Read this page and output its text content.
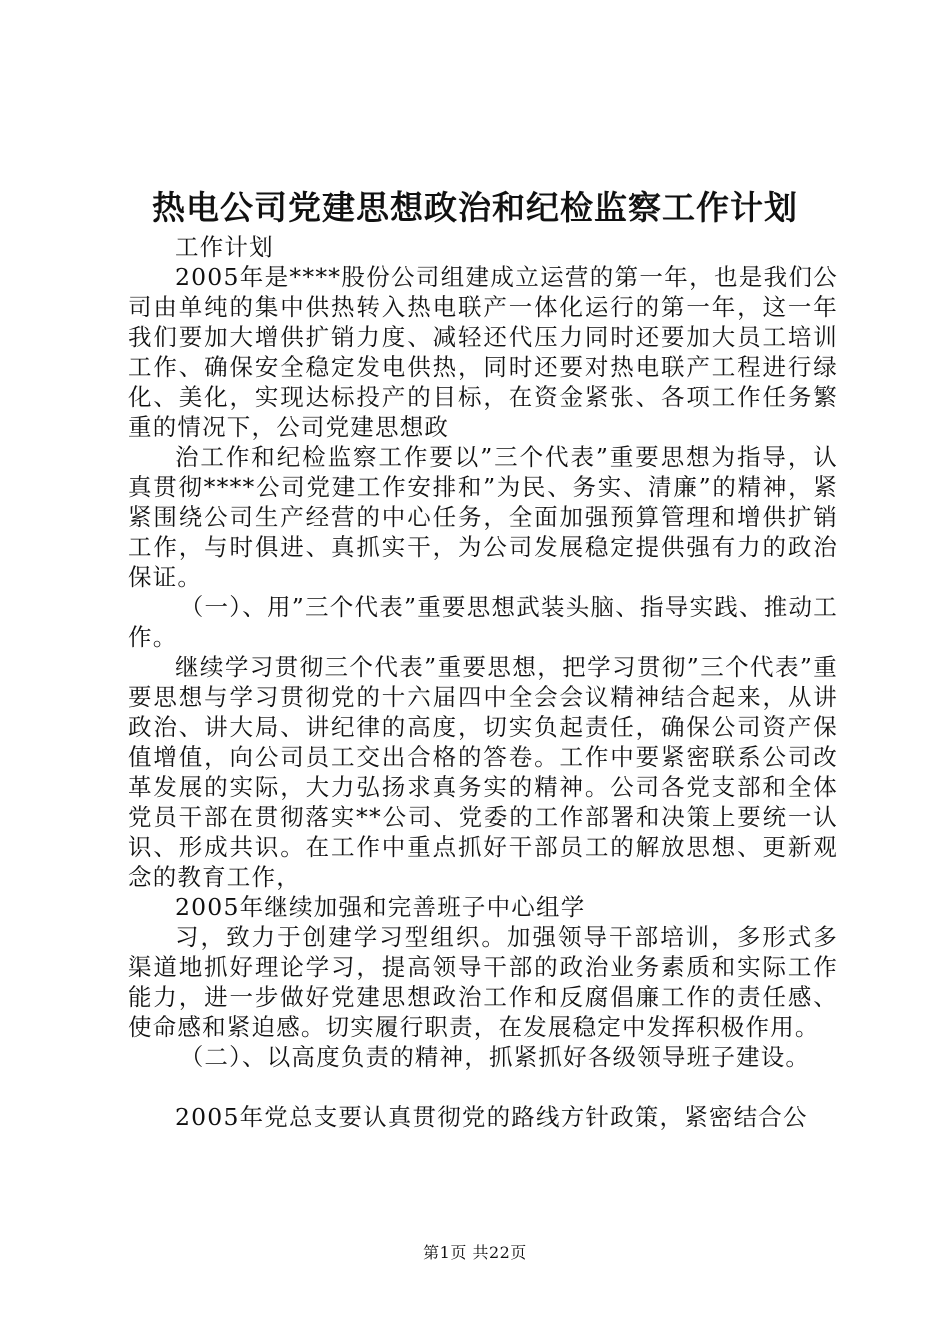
热电公司党建思想政治和纪检监察工作计划

工作计划

2005年是****股份公司组建成立运营的第一年，也是我们公司由单纯的集中供热转入热电联产一体化运行的第一年，这一年我们要加大增供扩销力度、减轻还代压力同时还要加大员工培训工作、确保安全稳定发电供热，同时还要对热电联产工程进行绿化、美化，实现达标投产的目标，在资金紧张、各项工作任务繁重的情况下，公司党建思想政

治工作和纪检监察工作要以”三个代表”重要思想为指导，认真贯彻****公司党建工作安排和”为民、务实、清廉”的精神，紧紧围绕公司生产经营的中心任务，全面加强预算管理和增供扩销工作，与时俱进、真抓实干，为公司发展稳定提供强有力的政治保证。

（一）、用”三个代表”重要思想武装头脑、指导实践、推动工作。

继续学习贯彻三个代表”重要思想，把学习贯彻”三个代表”重要思想与学习贯彻党的十六届四中全会会议精神结合起来，从讲政治、讲大局、讲纪律的高度，切实负起责任，确保公司资产保值增值，向公司员工交出合格的答卷。工作中要紧密联系公司改革发展的实际，大力弘扬求真务实的精神。公司各党支部和全体党员干部在贯彻落实**公司、党委的工作部署和决策上要统一认识、形成共识。在工作中重点抓好干部员工的解放思想、更新观念的教育工作，

2005年继续加强和完善班子中心组学

习，致力于创建学习型组织。加强领导干部培训，多形式多渠道地抓好理论学习，提高领导干部的政治业务素质和实际工作能力，进一步做好党建思想政治工作和反腐倡廉工作的责任感、使命感和紧迫感。切实履行职责，在发展稳定中发挥积极作用。

（二）、以高度负责的精神，抓紧抓好各级领导班子建设。

2005年党总支要认真贯彻党的路线方针政策，紧密结合公

第1页 共22页
